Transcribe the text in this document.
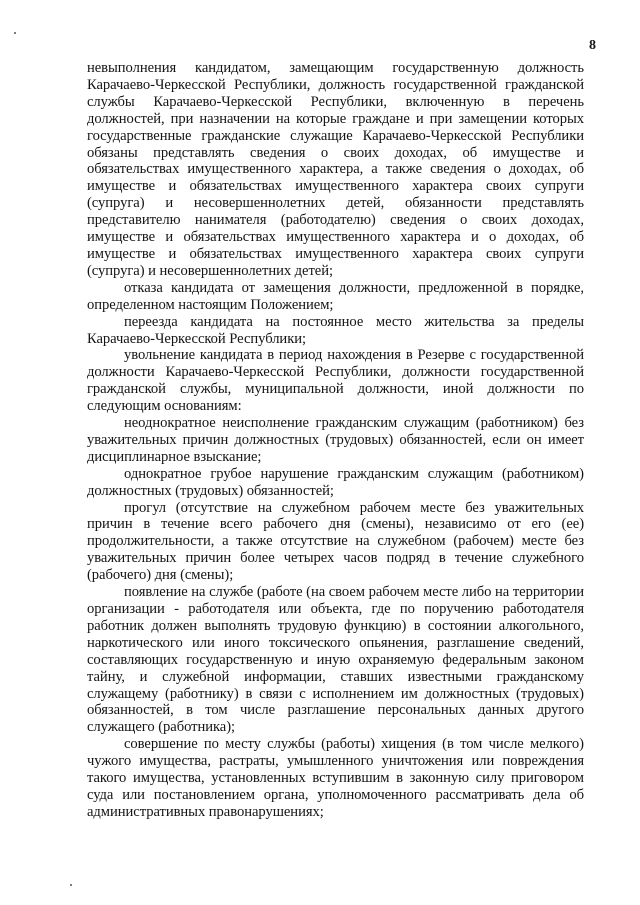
8

невыполнения кандидатом, замещающим государственную должность Карачаево-Черкесской Республики, должность государственной гражданской службы Карачаево-Черкесской Республики, включенную в перечень должностей, при назначении на которые граждане и при замещении которых государственные гражданские служащие Карачаево-Черкесской Республики обязаны представлять сведения о своих доходах, об имуществе и обязательствах имущественного характера, а также сведения о доходах, об имуществе и обязательствах имущественного характера своих супруги (супруга) и несовершеннолетних детей, обязанности представлять представителю нанимателя (работодателю) сведения о своих доходах, имуществе и обязательствах имущественного характера и о доходах, об имуществе и обязательствах имущественного характера своих супруги (супруга) и несовершеннолетних детей;

отказа кандидата от замещения должности, предложенной в порядке, определенном настоящим Положением;

переезда кандидата на постоянное место жительства за пределы Карачаево-Черкесской Республики;

увольнение кандидата в период нахождения в Резерве с государственной должности Карачаево-Черкесской Республики, должности государственной гражданской службы, муниципальной должности, иной должности по следующим основаниям:

неоднократное неисполнение гражданским служащим (работником) без уважительных причин должностных (трудовых) обязанностей, если он имеет дисциплинарное взыскание;

однократное грубое нарушение гражданским служащим (работником) должностных (трудовых) обязанностей;

прогул (отсутствие на служебном рабочем месте без уважительных причин в течение всего рабочего дня (смены), независимо от его (ее) продолжительности, а также отсутствие на служебном (рабочем) месте без уважительных причин более четырех часов подряд в течение служебного (рабочего) дня (смены);

появление на службе (работе (на своем рабочем месте либо на территории организации - работодателя или объекта, где по поручению работодателя работник должен выполнять трудовую функцию) в состоянии алкогольного, наркотического или иного токсического опьянения, разглашение сведений, составляющих государственную и иную охраняемую федеральным законом тайну, и служебной информации, ставших известными гражданскому служащему (работнику) в связи с исполнением им должностных (трудовых) обязанностей, в том числе разглашение персональных данных другого служащего (работника);

совершение по месту службы (работы) хищения (в том числе мелкого) чужого имущества, растраты, умышленного уничтожения или повреждения такого имущества, установленных вступившим в законную силу приговором суда или постановлением органа, уполномоченного рассматривать дела об административных правонарушениях;
